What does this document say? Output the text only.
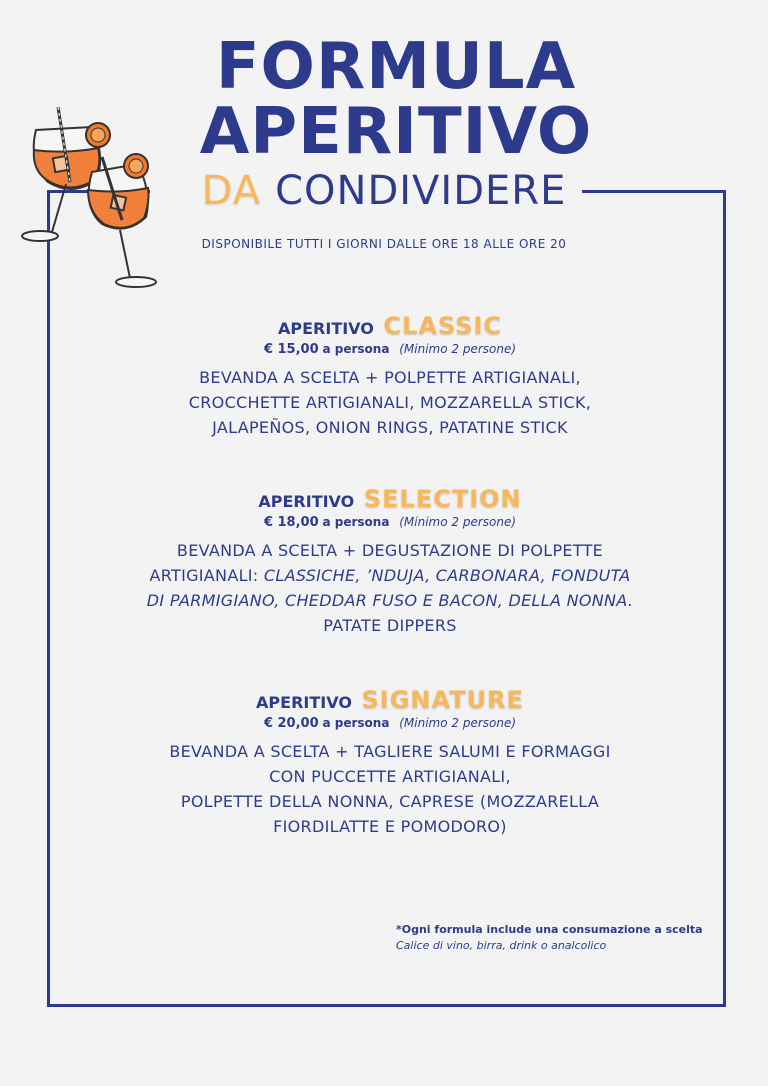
FORMULA
APERITIVO
DA CONDIVIDERE
DISPONIBILE TUTTI I GIORNI DALLE ORE 18 ALLE ORE 20
APERITIVO CLASSIC
€ 15,00 a persona (Minimo 2 persone)
BEVANDA A SCELTA + POLPETTE ARTIGIANALI,
CROCCHETTE ARTIGIANALI, MOZZARELLA STICK,
JALAPEÑOS, ONION RINGS, PATATINE STICK
APERITIVO SELECTION
€ 18,00 a persona (Minimo 2 persone)
BEVANDA A SCELTA + DEGUSTAZIONE DI POLPETTE
ARTIGIANALI: CLASSICHE, ’NDUJA, CARBONARA, FONDUTA
DI PARMIGIANO, CHEDDAR FUSO E BACON, DELLA NONNA.
PATATE DIPPERS
APERITIVO SIGNATURE
€ 20,00 a persona (Minimo 2 persone)
BEVANDA A SCELTA + TAGLIERE SALUMI E FORMAGGI
CON PUCCETTE ARTIGIANALI,
POLPETTE DELLA NONNA, CAPRESE (MOZZARELLA
FIORDILATTE E POMODORO)
*Ogni formula include una consumazione a scelta
Calice di vino, birra, drink o analcolico
